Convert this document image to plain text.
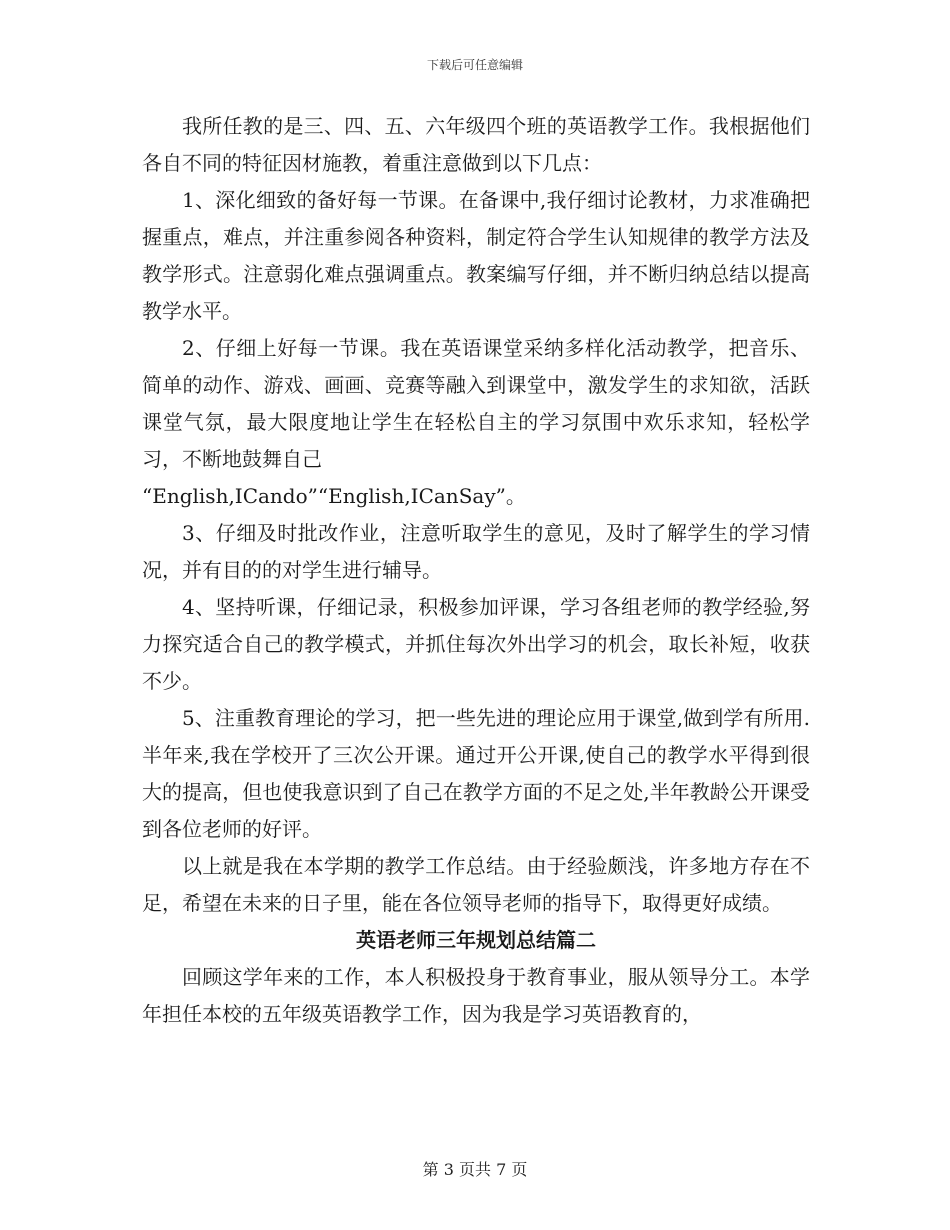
下载后可任意编辑

我所任教的是三、四、五、六年级四个班的英语教学工作。我根据他们各自不同的特征因材施教，着重注意做到以下几点：

1、深化细致的备好每一节课。在备课中,我仔细讨论教材，力求准确把握重点，难点，并注重参阅各种资料，制定符合学生认知规律的教学方法及教学形式。注意弱化难点强调重点。教案编写仔细，并不断归纳总结以提高教学水平。

2、仔细上好每一节课。我在英语课堂采纳多样化活动教学，把音乐、简单的动作、游戏、画画、竞赛等融入到课堂中，激发学生的求知欲，活跃课堂气氛，最大限度地让学生在轻松自主的学习氛围中欢乐求知，轻松学习，不断地鼓舞自己

“English,ICando”“English,ICanSay”。

3、仔细及时批改作业，注意听取学生的意见，及时了解学生的学习情况，并有目的的对学生进行辅导。

4、坚持听课，仔细记录，积极参加评课，学习各组老师的教学经验,努力探究适合自己的教学模式，并抓住每次外出学习的机会，取长补短，收获不少。

5、注重教育理论的学习，把一些先进的理论应用于课堂,做到学有所用.半年来,我在学校开了三次公开课。通过开公开课,使自己的教学水平得到很大的提高，但也使我意识到了自己在教学方面的不足之处,半年教龄公开课受到各位老师的好评。

以上就是我在本学期的教学工作总结。由于经验颇浅，许多地方存在不足，希望在未来的日子里，能在各位领导老师的指导下，取得更好成绩。

英语老师三年规划总结篇二

回顾这学年来的工作，本人积极投身于教育事业，服从领导分工。本学年担任本校的五年级英语教学工作，因为我是学习英语教育的，

第 3 页共 7 页
